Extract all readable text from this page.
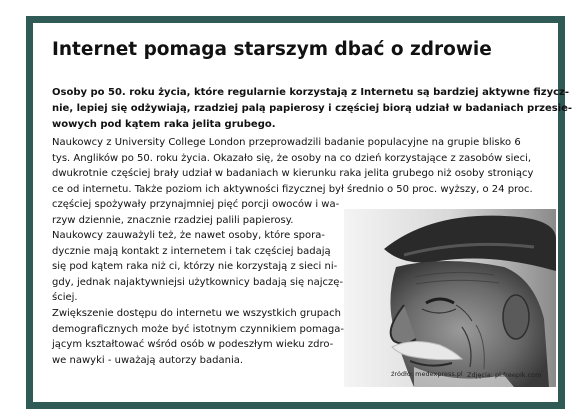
Internet pomaga starszym dbać o zdrowie

Osoby po 50. roku życia, które regularnie korzystają z Internetu są bardziej aktywne fizycz-
nie, lepiej się odżywiają, rzadziej palą papierosy i częściej biorą udział w badaniach przesie-
wowych pod kątem raka jelita grubego.

Naukowcy z University College London przeprowadzili badanie populacyjne na grupie blisko 6
tys. Anglików po 50. roku życia. Okazało się, że osoby na co dzień korzystające z zasobów sieci,
dwukrotnie częściej brały udział w badaniach w kierunku raka jelita grubego niż osoby stroniący
ce od internetu. Także poziom ich aktywności fizycznej był średnio o 50 proc. wyższy, o 24 proc.
częściej spożywały przynajmniej pięć porcji owoców i wa-
rzyw dziennie, znacznie rzadziej palili papierosy.
Naukowcy zauważyli też, że nawet osoby, które spora-
dycznie mają kontakt z internetem i tak częściej badają
się pod kątem raka niż ci, którzy nie korzystają z sieci ni-
gdy, jednak najaktywniejsi użytkownicy badają się najczę-
ściej.
Zwiększenie dostępu do internetu we wszystkich grupach
demograficznych może być istotnym czynnikiem pomaga-
jącym kształtować wśród osób w podeszłym wieku zdro-
we nawyki - uważają autorzy badania.
źródło: medexpress.pl Zdjęcia: pl.freepik.com
